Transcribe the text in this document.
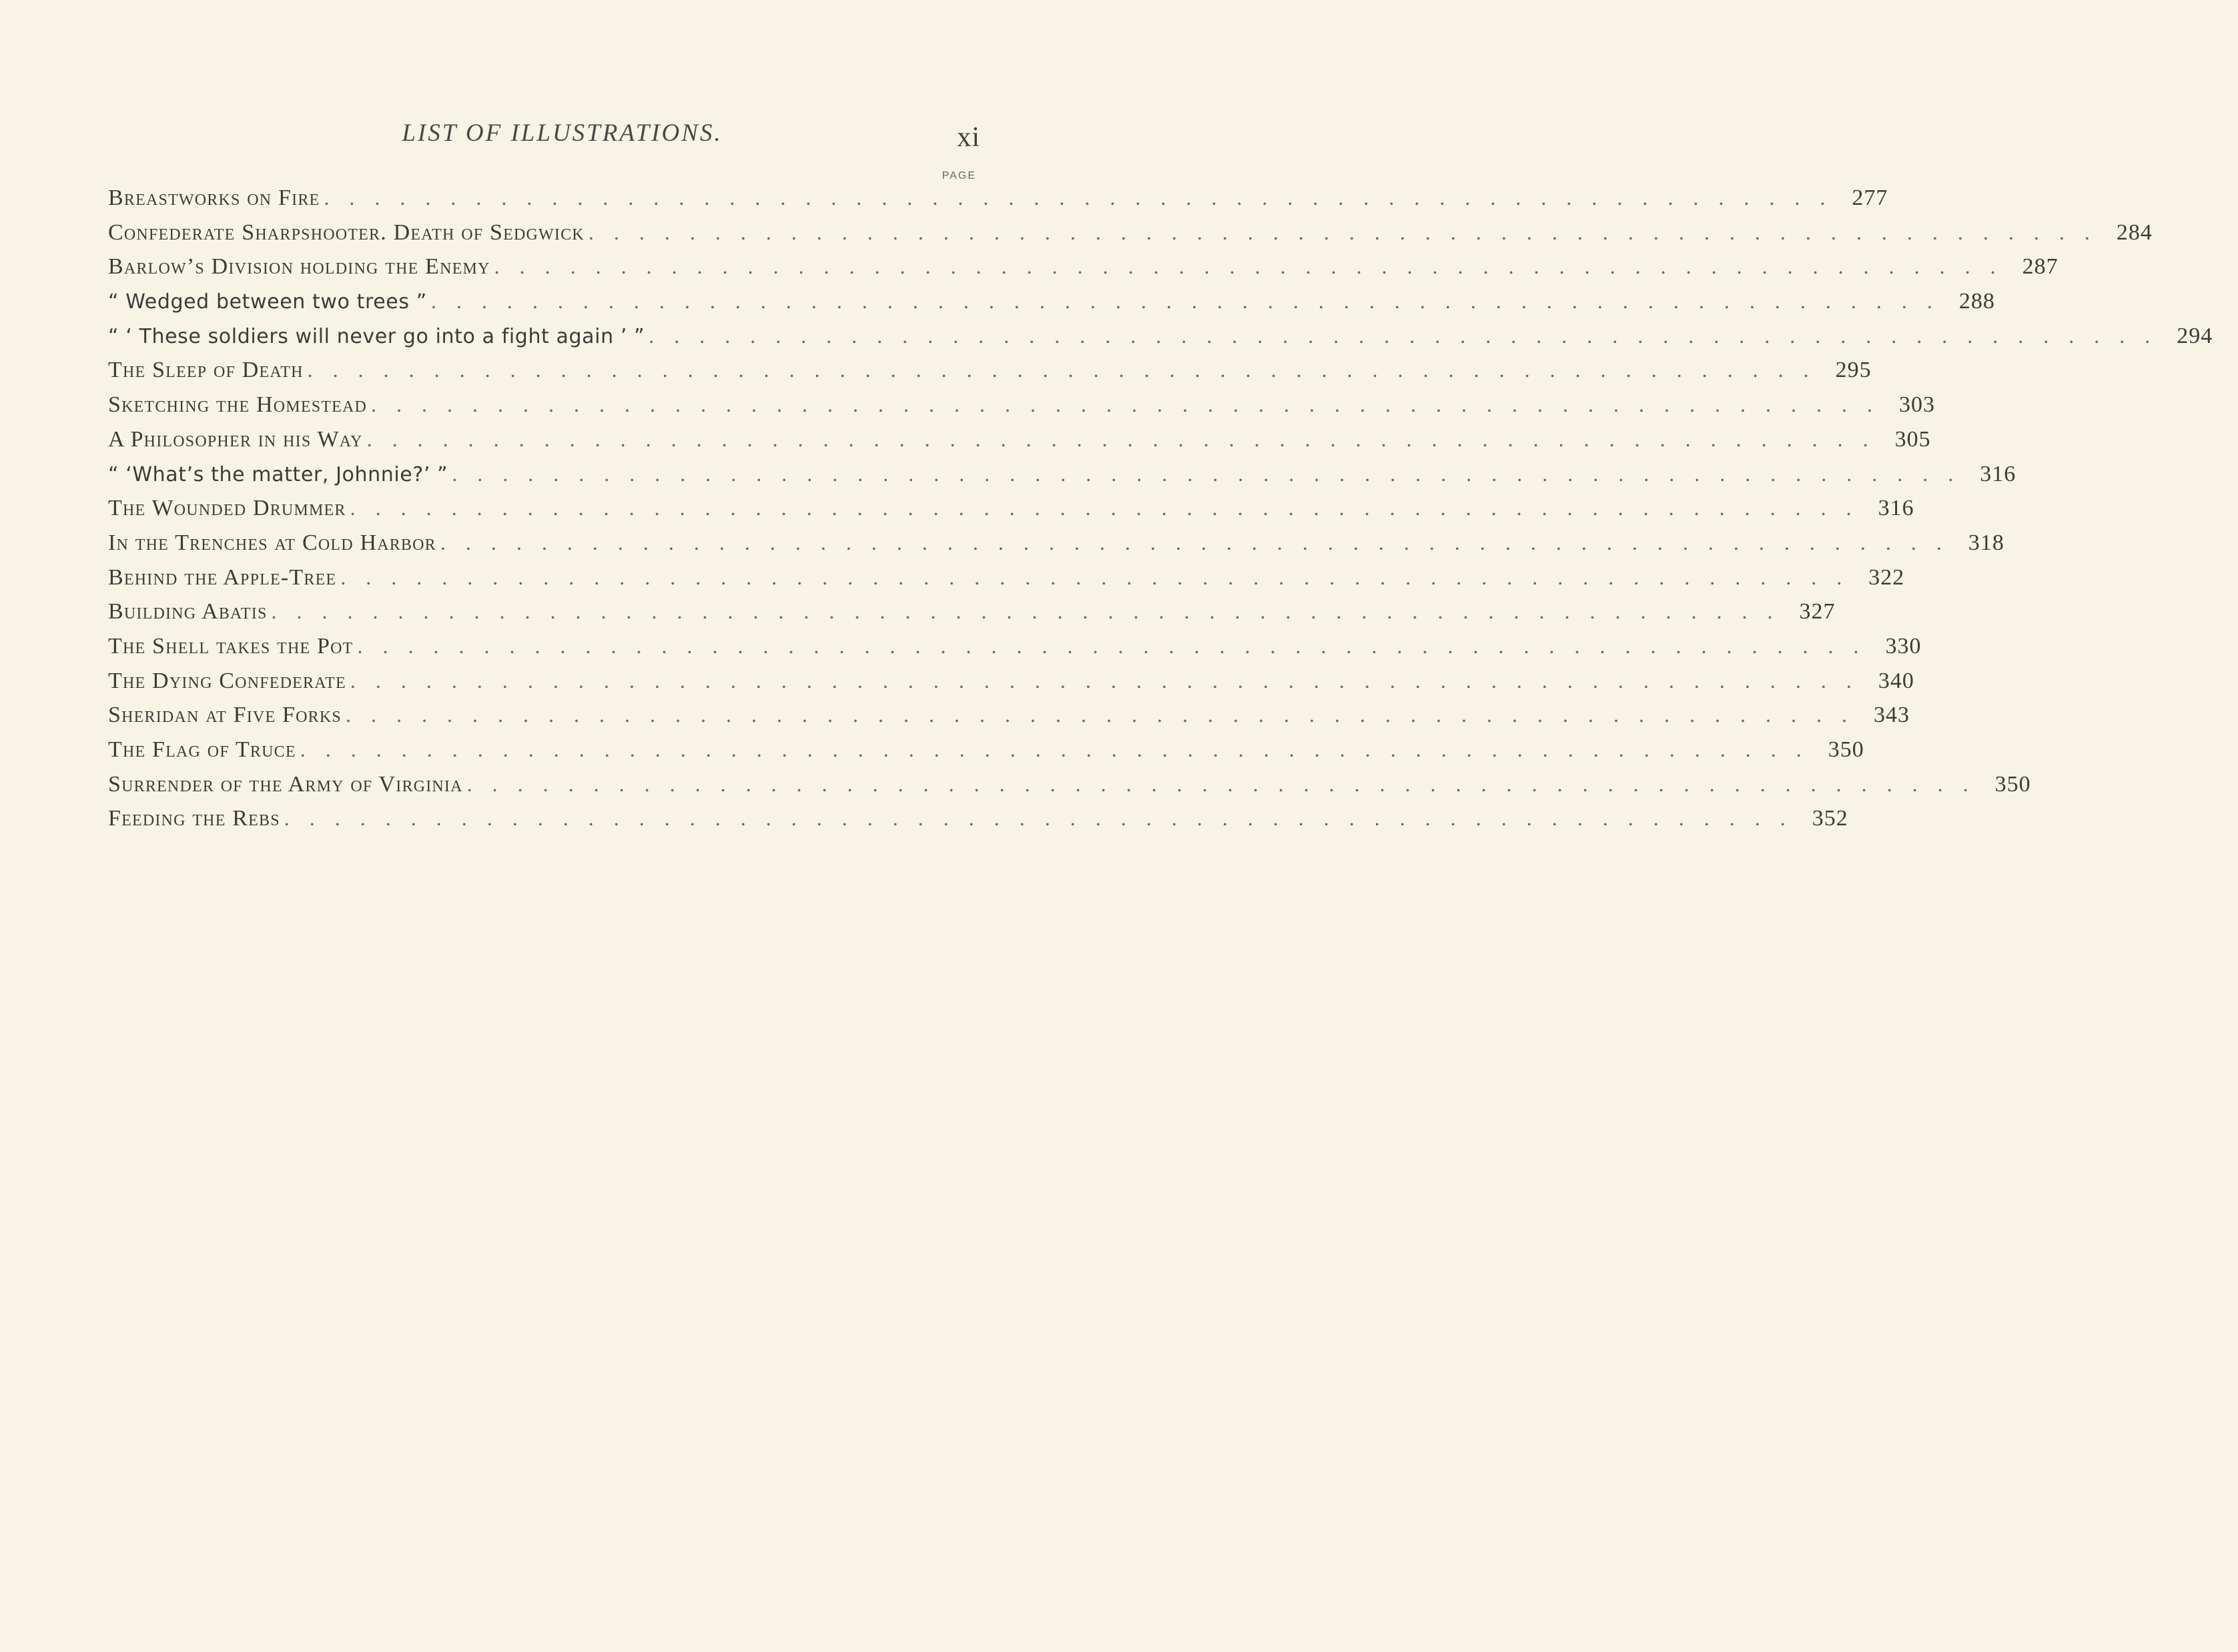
LIST OF ILLUSTRATIONS.	xi
PAGE
Breastworks on Fire ............................................................ 277
Confederate Sharpshooter. Death of Sedgwick ............................................................ 284
Barlow’s Division holding the Enemy ............................................................ 287
“ Wedged between two trees ” ............................................................ 288
“ ‘ These soldiers will never go into a fight again ’ ” ............................................................ 294
The Sleep of Death ............................................................ 295
Sketching the Homestead ............................................................ 303
A Philosopher in his Way ............................................................ 305
“ ‘What’s the matter, Johnnie?’ ” ............................................................ 316
The Wounded Drummer ............................................................ 316
In the Trenches at Cold Harbor ............................................................ 318
Behind the Apple-Tree ............................................................ 322
Building Abatis ............................................................ 327
The Shell takes the Pot ............................................................ 330
The Dying Confederate ............................................................ 340
Sheridan at Five Forks ............................................................ 343
The Flag of Truce ............................................................ 350
Surrender of the Army of Virginia ............................................................ 350
Feeding the Rebs ............................................................ 352
